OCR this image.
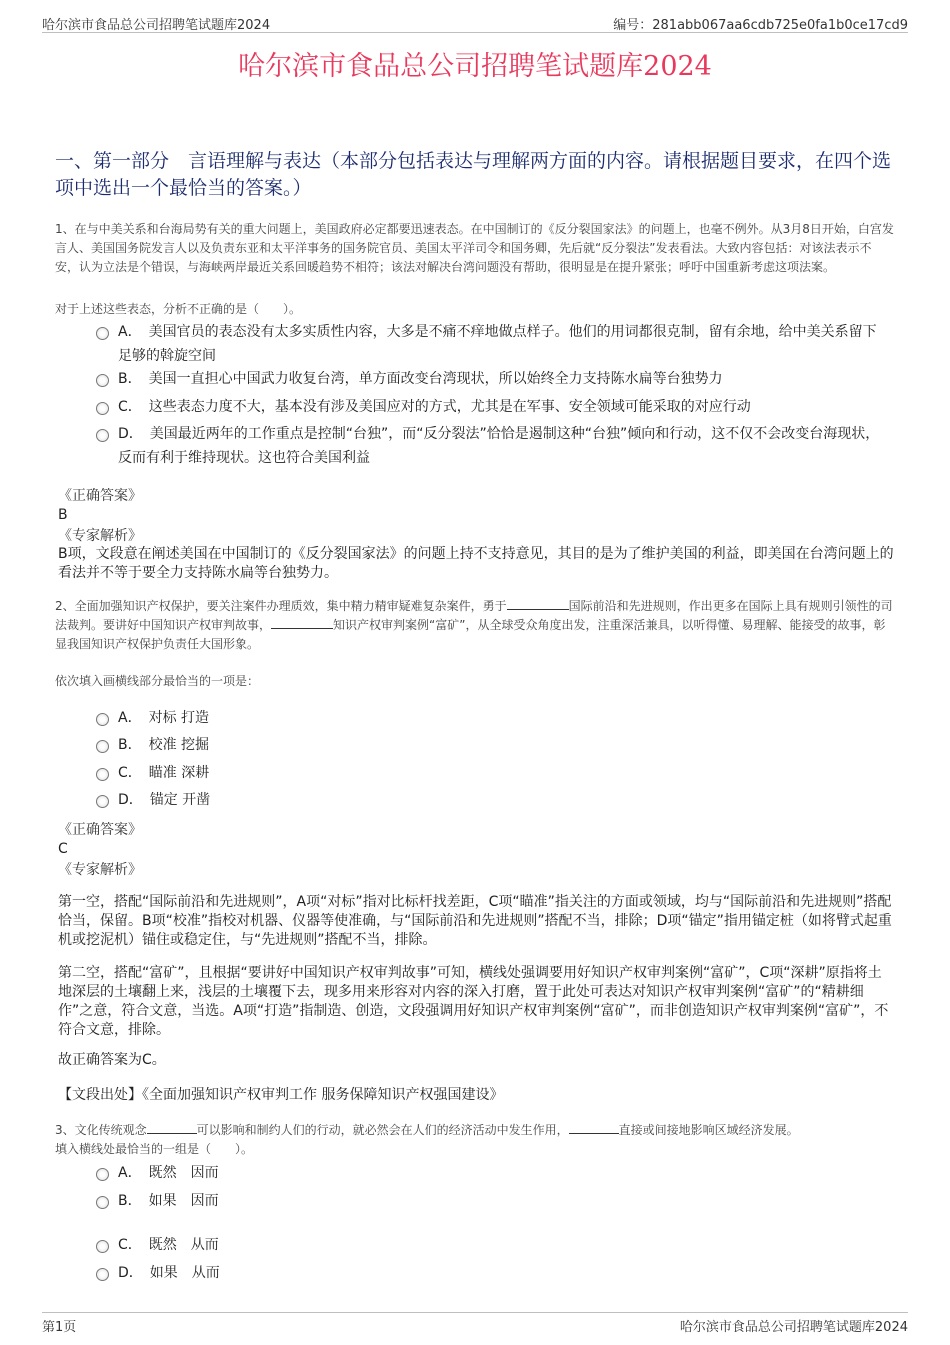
哈尔滨市食品总公司招聘笔试题库2024	编号：281abb067aa6cdb725e0fa1b0ce17cd9
哈尔滨市食品总公司招聘笔试题库2024
一、第一部分　言语理解与表达（本部分包括表达与理解两方面的内容。请根据题目要求，在四个选项中选出一个最恰当的答案。）
1、在与中美关系和台海局势有关的重大问题上，美国政府必定都要迅速表态。在中国制订的《反分裂国家法》的问题上，也毫不例外。从3月8日开始，白宫发言人、美国国务院发言人以及负责东亚和太平洋事务的国务院官员、美国太平洋司令和国务卿，先后就“反分裂法”发表看法。大致内容包括：对该法表示不安，认为立法是个错误，与海峡两岸最近关系回暖趋势不相符；该法对解决台湾问题没有帮助，很明显是在提升紧张；呼吁中国重新考虑这项法案。
对于上述这些表态，分析不正确的是（　　）。
A．　美国官员的表态没有太多实质性内容，大多是不痛不痒地做点样子。他们的用词都很克制，留有余地，给中美关系留下足够的斡旋空间
B．　美国一直担心中国武力收复台湾，单方面改变台湾现状，所以始终全力支持陈水扁等台独势力
C．　这些表态力度不大，基本没有涉及美国应对的方式，尤其是在军事、安全领域可能采取的对应行动
D．　美国最近两年的工作重点是控制“台独”，而“反分裂法”恰恰是遏制这种“台独”倾向和行动，这不仅不会改变台海现状，反而有利于维持现状。这也符合美国利益
《正确答案》
B
《专家解析》
B项，文段意在阐述美国在中国制订的《反分裂国家法》的问题上持不支持意见，其目的是为了维护美国的利益，即美国在台湾问题上的看法并不等于要全力支持陈水扁等台独势力。
2、全面加强知识产权保护，要关注案件办理质效，集中精力精审疑难复杂案件，勇于	国际前沿和先进规则，作出更多在国际上具有规则引领性的司法裁判。要讲好中国知识产权审判故事，	知识产权审判案例“富矿”，从全球受众角度出发，注重深活兼具，以听得懂、易理解、能接受的故事，彰显我国知识产权保护负责任大国形象。
依次填入画横线部分最恰当的一项是：
A．　对标 打造
B．　校准 挖掘
C．　瞄准 深耕
D．　锚定 开凿
《正确答案》
C
《专家解析》
第一空，搭配“国际前沿和先进规则”，A项“对标”指对比标杆找差距，C项“瞄准”指关注的方面或领域，均与“国际前沿和先进规则”搭配恰当，保留。B项“校准”指校对机器、仪器等使准确，与“国际前沿和先进规则”搭配不当，排除；D项“锚定”指用锚定桩（如将臂式起重机或挖泥机）锚住或稳定住，与“先进规则”搭配不当，排除。
第二空，搭配“富矿”，且根据“要讲好中国知识产权审判故事”可知，横线处强调要用好知识产权审判案例“富矿”，C项“深耕”原指将土地深层的土壤翻上来，浅层的土壤覆下去，现多用来形容对内容的深入打磨，置于此处可表达对知识产权审判案例“富矿”的“精耕细作”之意，符合文意，当选。A项“打造”指制造、创造，文段强调用好知识产权审判案例“富矿”，而非创造知识产权审判案例“富矿”，不符合文意，排除。
故正确答案为C。
【文段出处】《全面加强知识产权审判工作 服务保障知识产权强国建设》
3、文化传统观念	可以影响和制约人们的行动，就必然会在人们的经济活动中发生作用，	直接或间接地影响区域经济发展。
填入横线处最恰当的一组是（　　）。
A．　既然　因而
B．　如果　因而
C．　既然　从而
D．　如果　从而
第1页	哈尔滨市食品总公司招聘笔试题库2024
